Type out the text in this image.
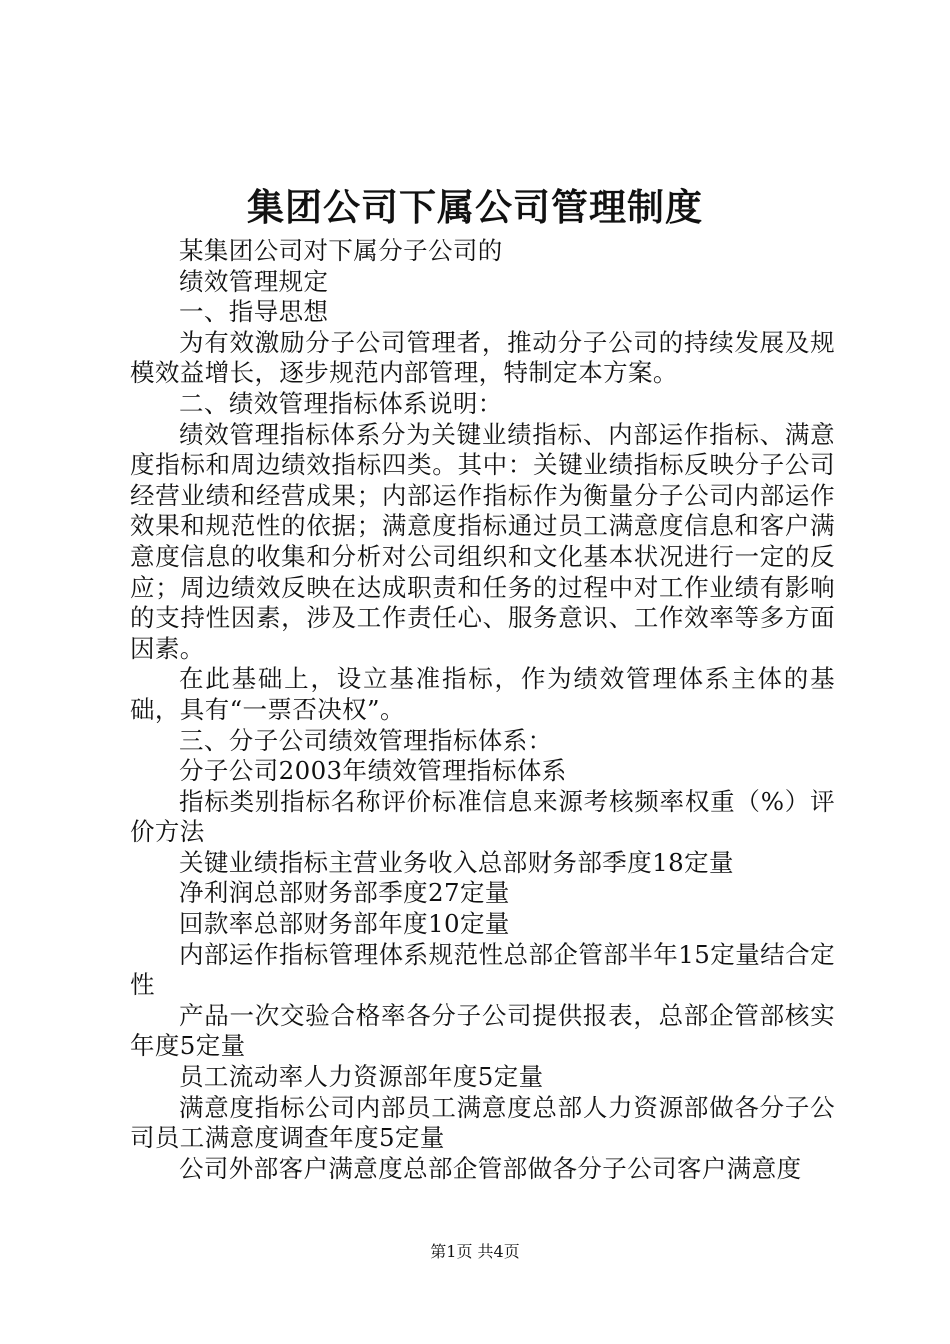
集团公司下属公司管理制度

某集团公司对下属分子公司的

绩效管理规定

一、指导思想

为有效激励分子公司管理者，推动分子公司的持续发展及规模效益增长，逐步规范内部管理，特制定本方案。

二、绩效管理指标体系说明：

绩效管理指标体系分为关键业绩指标、内部运作指标、满意度指标和周边绩效指标四类。其中：关键业绩指标反映分子公司经营业绩和经营成果；内部运作指标作为衡量分子公司内部运作效果和规范性的依据；满意度指标通过员工满意度信息和客户满意度信息的收集和分析对公司组织和文化基本状况进行一定的反应；周边绩效反映在达成职责和任务的过程中对工作业绩有影响的支持性因素，涉及工作责任心、服务意识、工作效率等多方面因素。

在此基础上，设立基准指标，作为绩效管理体系主体的基础，具有“一票否决权”。

三、分子公司绩效管理指标体系：

分子公司2003年绩效管理指标体系

指标类别指标名称评价标准信息来源考核频率权重（%）评价方法

关键业绩指标主营业务收入总部财务部季度18定量

净利润总部财务部季度27定量

回款率总部财务部年度10定量

内部运作指标管理体系规范性总部企管部半年15定量结合定性

产品一次交验合格率各分子公司提供报表，总部企管部核实年度5定量

员工流动率人力资源部年度5定量

满意度指标公司内部员工满意度总部人力资源部做各分子公司员工满意度调查年度5定量

公司外部客户满意度总部企管部做各分子公司客户满意度

第1页 共4页
